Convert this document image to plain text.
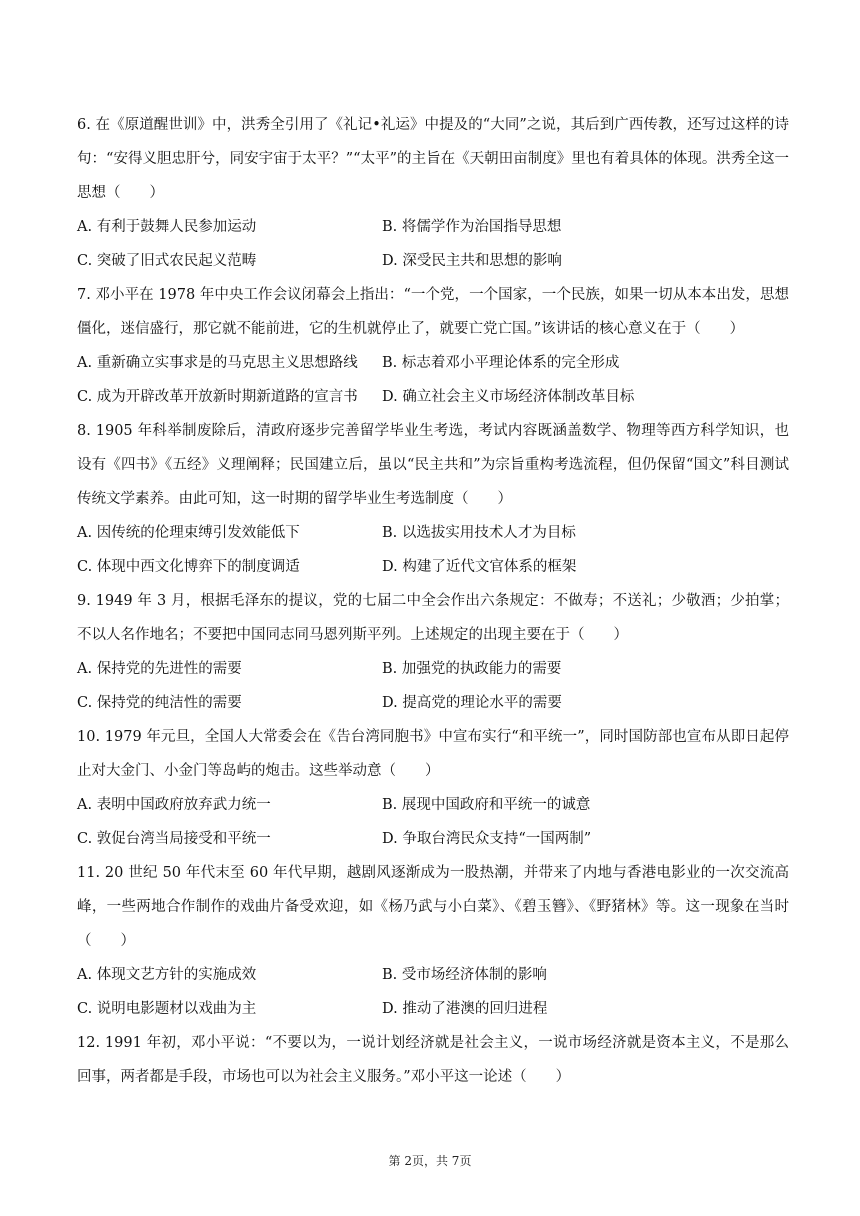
6. 在《原道醒世训》中，洪秀全引用了《礼记•礼运》中提及的“大同”之说，其后到广西传教，还写过这样的诗句：“安得义胆忠肝兮，同安宇宙于太平？”“太平”的主旨在《天朝田亩制度》里也有着具体的体现。洪秀全这一思想（　　）

A. 有利于鼓舞人民参加运动	B. 将儒学作为治国指导思想
C. 突破了旧式农民起义范畴	D. 深受民主共和思想的影响

7. 邓小平在 1978 年中央工作会议闭幕会上指出：“一个党，一个国家，一个民族，如果一切从本本出发，思想僵化，迷信盛行，那它就不能前进，它的生机就停止了，就要亡党亡国。”该讲话的核心意义在于（　　）

A. 重新确立实事求是的马克思主义思想路线	B. 标志着邓小平理论体系的完全形成
C. 成为开辟改革开放新时期新道路的宣言书	D. 确立社会主义市场经济体制改革目标

8. 1905 年科举制废除后，清政府逐步完善留学毕业生考选，考试内容既涵盖数学、物理等西方科学知识，也设有《四书》《五经》义理阐释；民国建立后，虽以“民主共和”为宗旨重构考选流程，但仍保留“国文”科目测试传统文学素养。由此可知，这一时期的留学毕业生考选制度（　　）

A. 因传统的伦理束缚引发效能低下	B. 以选拔实用技术人才为目标
C. 体现中西文化博弈下的制度调适	D. 构建了近代文官体系的框架

9. 1949 年 3 月，根据毛泽东的提议，党的七届二中全会作出六条规定：不做寿；不送礼；少敬酒；少拍掌；不以人名作地名；不要把中国同志同马恩列斯平列。上述规定的出现主要在于（　　）

A. 保持党的先进性的需要	B. 加强党的执政能力的需要
C. 保持党的纯洁性的需要	D. 提高党的理论水平的需要

10. 1979 年元旦，全国人大常委会在《告台湾同胞书》中宣布实行“和平统一”，同时国防部也宣布从即日起停止对大金门、小金门等岛屿的炮击。这些举动意（　　）

A. 表明中国政府放弃武力统一	B. 展现中国政府和平统一的诚意
C. 敦促台湾当局接受和平统一	D. 争取台湾民众支持“一国两制”

11. 20 世纪 50 年代末至 60 年代早期，越剧风逐渐成为一股热潮，并带来了内地与香港电影业的一次交流高峰，一些两地合作制作的戏曲片备受欢迎，如《杨乃武与小白菜》、《碧玉簪》、《野猪林》等。这一现象在当时（　　）

A. 体现文艺方针的实施成效	B. 受市场经济体制的影响
C. 说明电影题材以戏曲为主	D. 推动了港澳的回归进程

12. 1991 年初，邓小平说：“不要以为，一说计划经济就是社会主义，一说市场经济就是资本主义，不是那么回事，两者都是手段，市场也可以为社会主义服务。”邓小平这一论述（　　）

第 2页，共 7页
